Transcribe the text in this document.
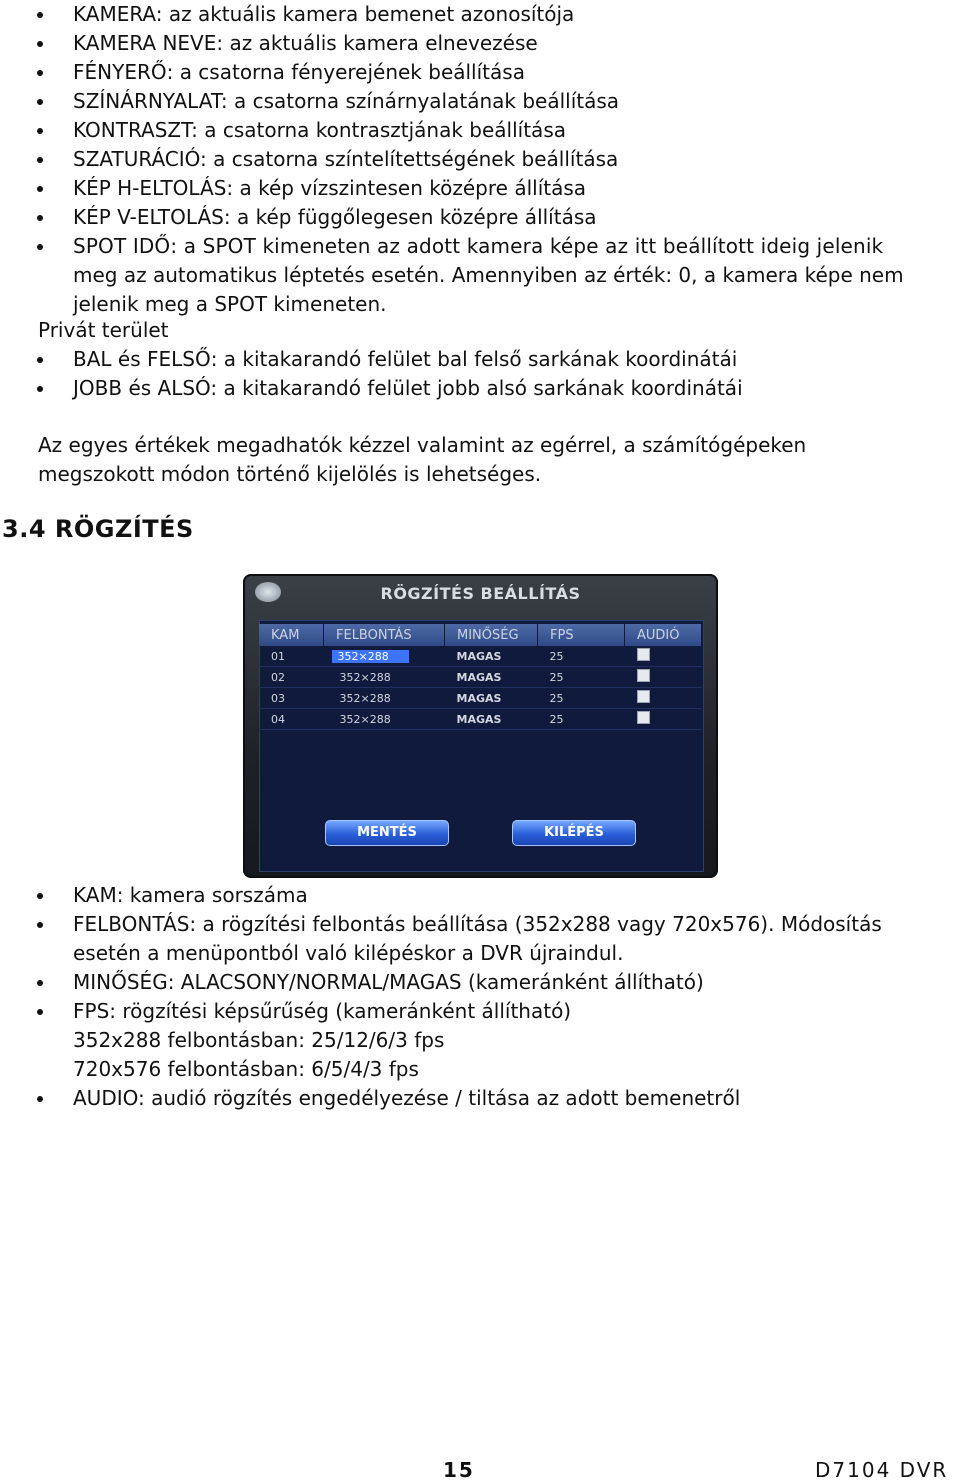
KAMERA: az aktuális kamera bemenet azonosítója
KAMERA NEVE: az aktuális kamera elnevezése
FÉNYERŐ: a csatorna fényerejének beállítása
SZÍNÁRNYALAT: a csatorna színárnyalatának beállítása
KONTRASZT: a csatorna kontrasztjának beállítása
SZATURÁCIÓ: a csatorna színtelítettségének beállítása
KÉP H-ELTOLÁS: a kép vízszintesen középre állítása
KÉP V-ELTOLÁS: a kép függőlegesen középre állítása
SPOT IDŐ: a SPOT kimeneten az adott kamera képe az itt beállított ideig jelenik
meg az automatikus léptetés esetén. Amennyiben az érték: 0, a kamera képe nem
jelenik meg a SPOT kimeneten.
Privát terület
BAL és FELSŐ: a kitakarandó felület bal felső sarkának koordinátái
JOBB és ALSÓ: a kitakarandó felület jobb alsó sarkának koordinátái
Az egyes értékek megadhatók kézzel valamint az egérrel, a számítógépeken
megszokott módon történő kijelölés is lehetséges.
3.4 RÖGZÍTÉS
RÖGZÍTÉS BEÁLLÍTÁS
KAM	FELBONTÁS	MINŐSÉG	FPS	AUDIÓ
01	352×288	MAGAS	25	
02	352×288	MAGAS	25	
03	352×288	MAGAS	25	
04	352×288	MAGAS	25	
MENTÉS	KILÉPÉS
KAM: kamera sorszáma
FELBONTÁS: a rögzítési felbontás beállítása (352x288 vagy 720x576). Módosítás
esetén a menüpontból való kilépéskor a DVR újraindul.
MINŐSÉG: ALACSONY/NORMAL/MAGAS (kameránként állítható)
FPS: rögzítési képsűrűség (kameránként állítható)
352x288 felbontásban: 25/12/6/3 fps
720x576 felbontásban: 6/5/4/3 fps
AUDIO: audió rögzítés engedélyezése / tiltása az adott bemenetről
15	D7104 DVR
